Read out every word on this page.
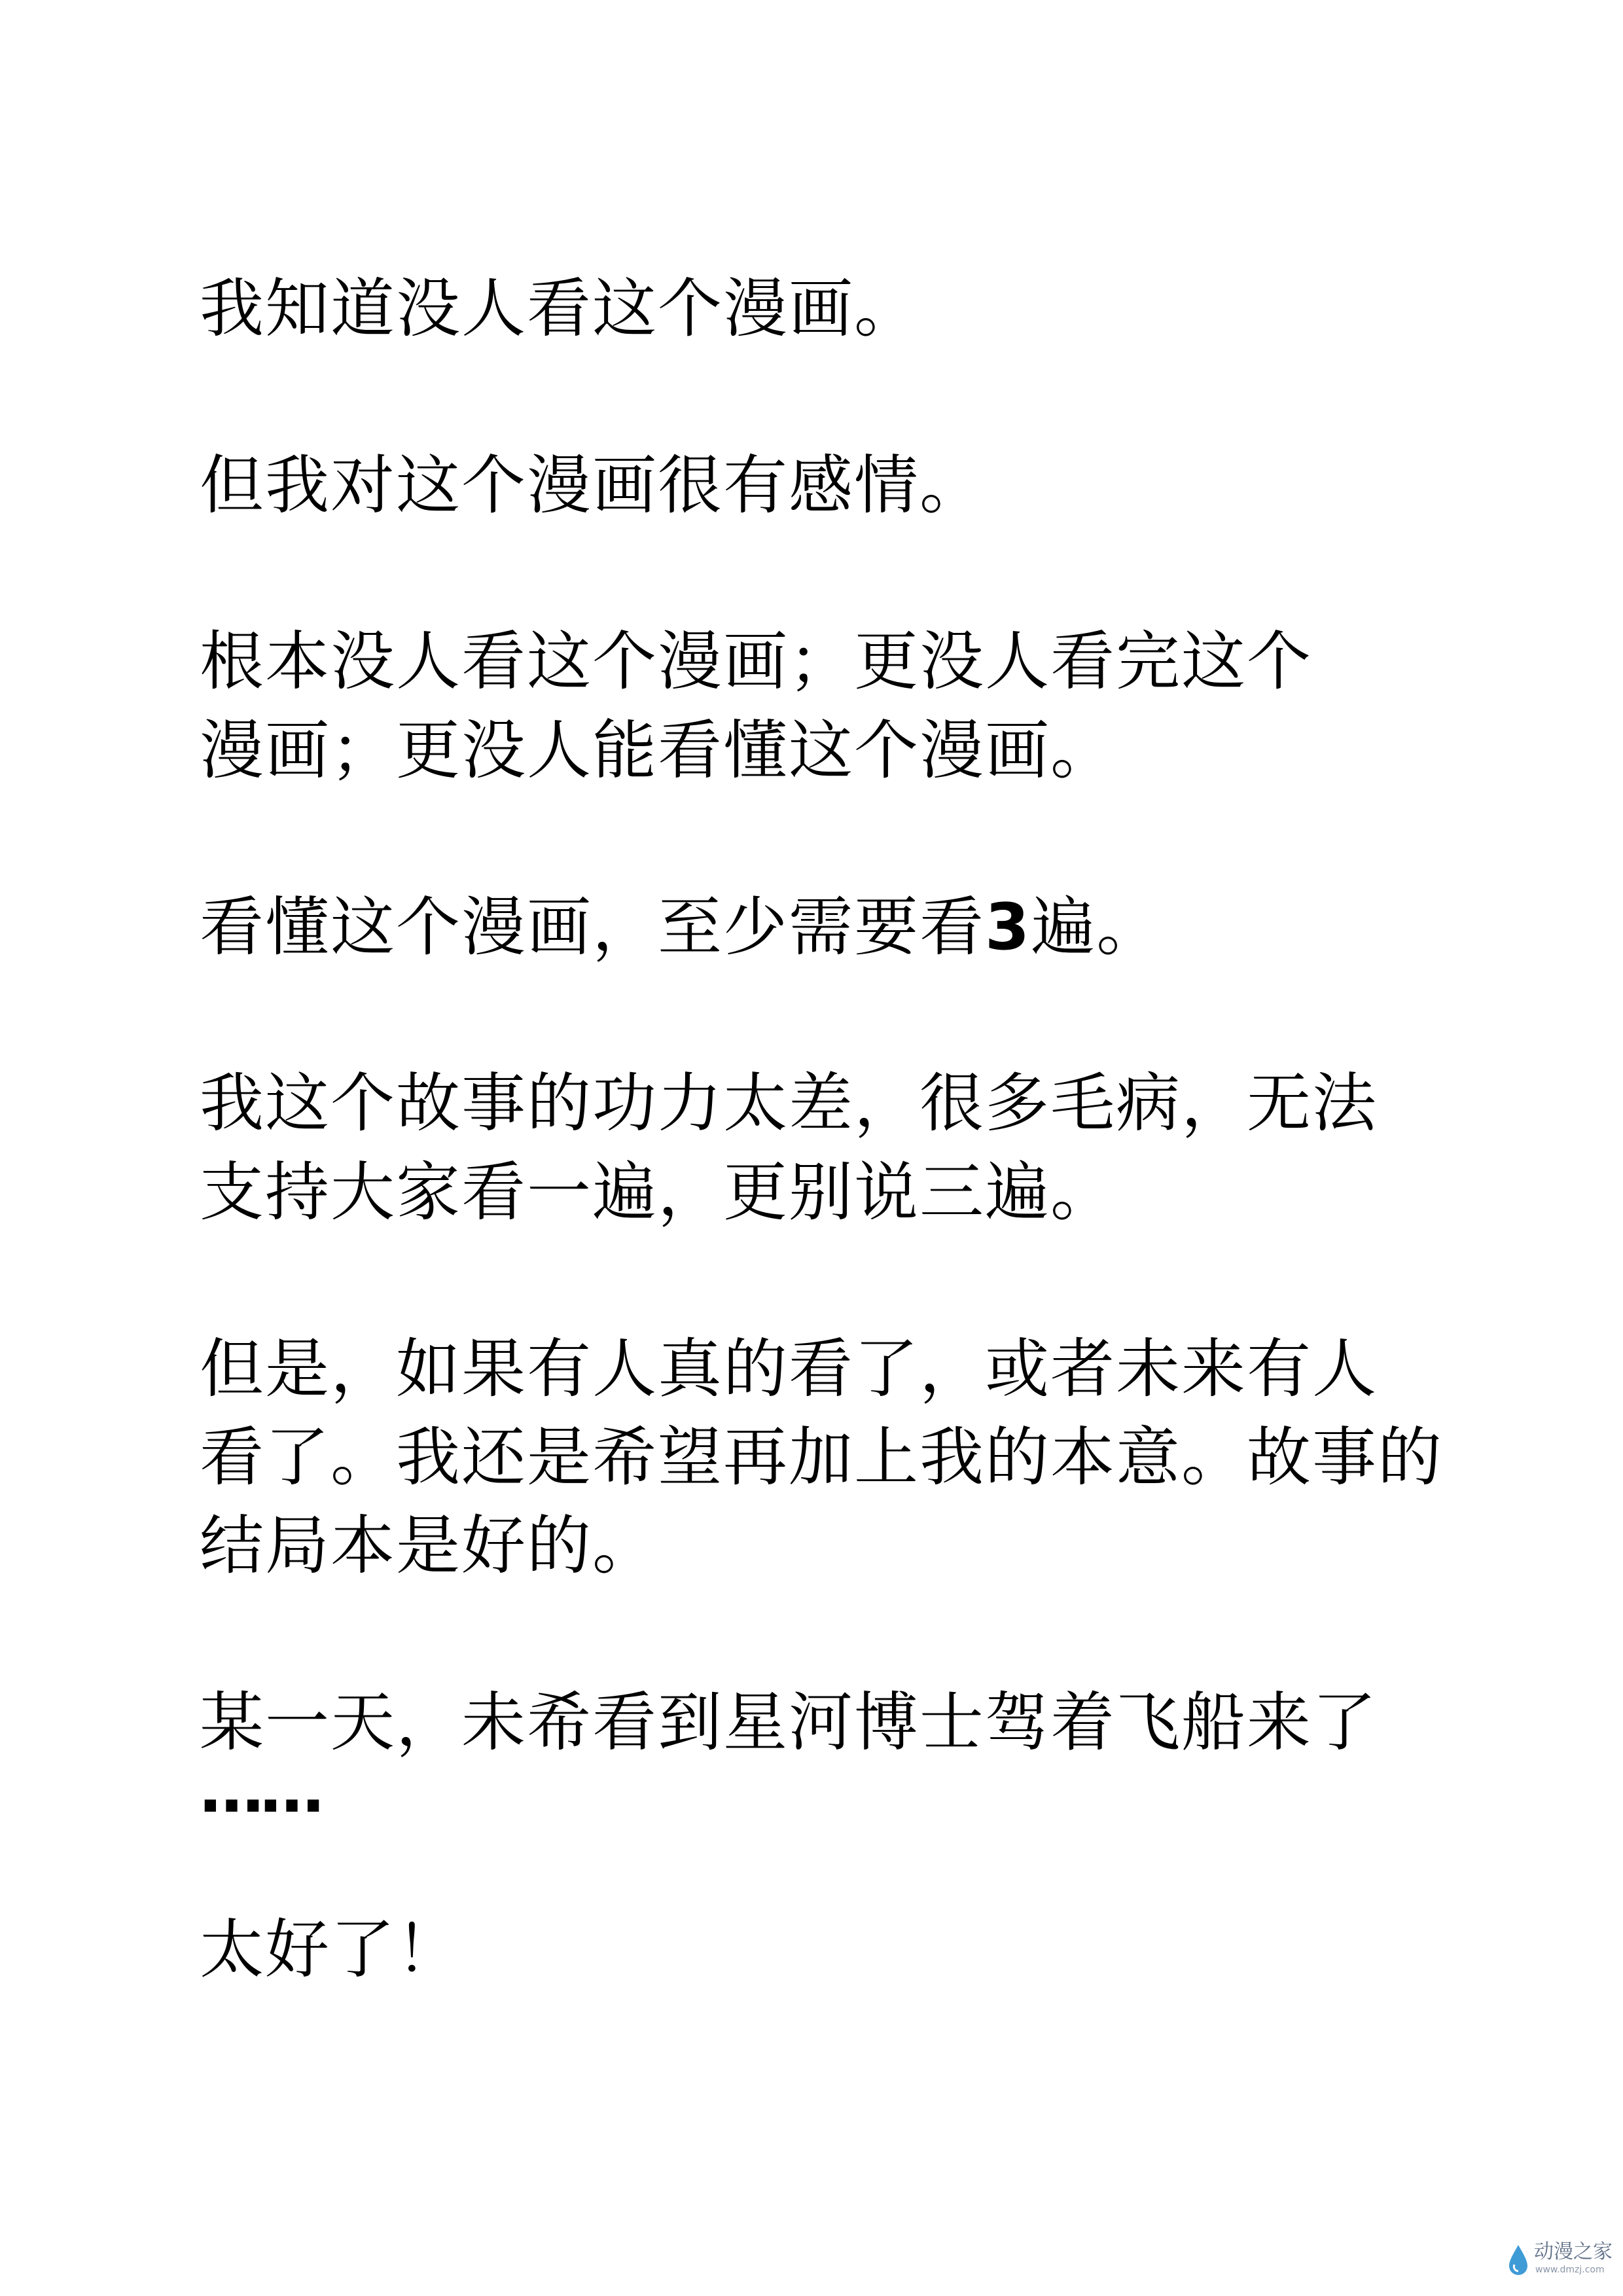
我知道没人看这个漫画。
但我对这个漫画很有感情。
根本没人看这个漫画；更没人看完这个
漫画；更没人能看懂这个漫画。
看懂这个漫画，至少需要看3遍。
我这个故事的功力太差，很多毛病，无法
支持大家看一遍，更别说三遍。
但是，如果有人真的看了，或者未来有人
看了。我还是希望再加上我的本意。故事的
结局本是好的。
某一天，未希看到星河博士驾着飞船来了
……
太好了！
动漫之家
www.dmzj.com
